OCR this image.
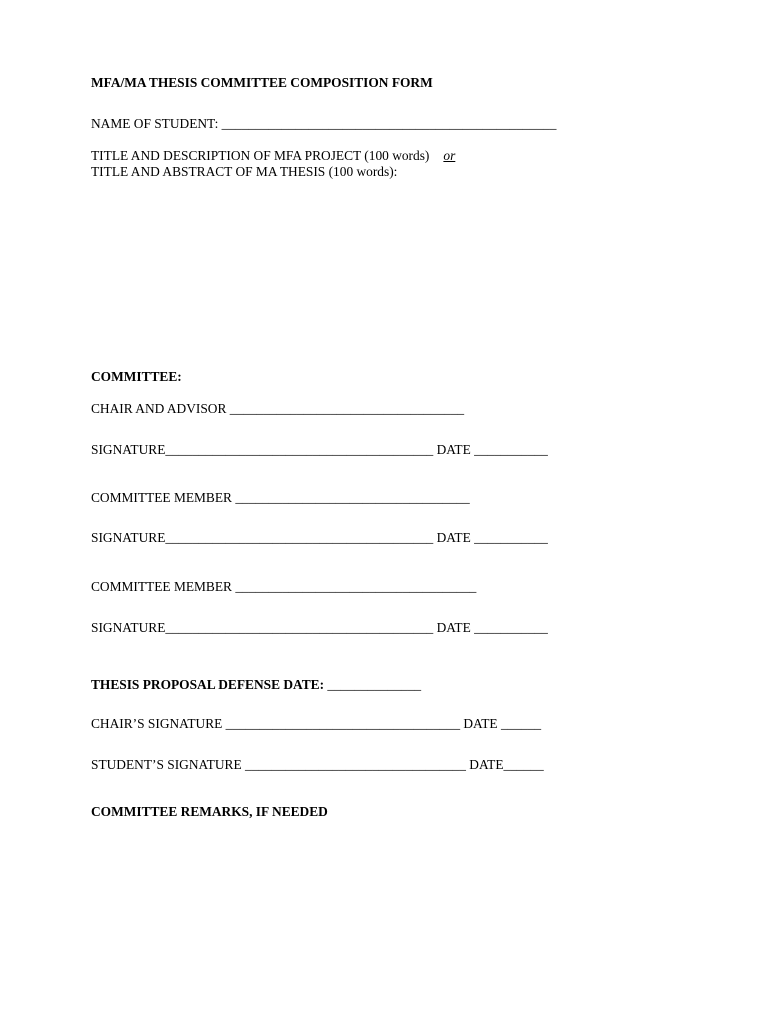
MFA/MA THESIS COMMITTEE COMPOSITION FORM
NAME OF STUDENT: __________________________________________________
TITLE AND DESCRIPTION OF MFA PROJECT (100 words) or
TITLE AND ABSTRACT OF MA THESIS (100 words):
COMMITTEE:
CHAIR AND ADVISOR ___________________________________
SIGNATURE________________________________________ DATE ___________
COMMITTEE MEMBER ___________________________________
SIGNATURE________________________________________ DATE ___________
COMMITTEE MEMBER ____________________________________
SIGNATURE________________________________________ DATE ___________
THESIS PROPOSAL DEFENSE DATE: ______________
CHAIR’S SIGNATURE ___________________________________ DATE ______
STUDENT’S SIGNATURE _________________________________ DATE______
COMMITTEE REMARKS, IF NEEDED
